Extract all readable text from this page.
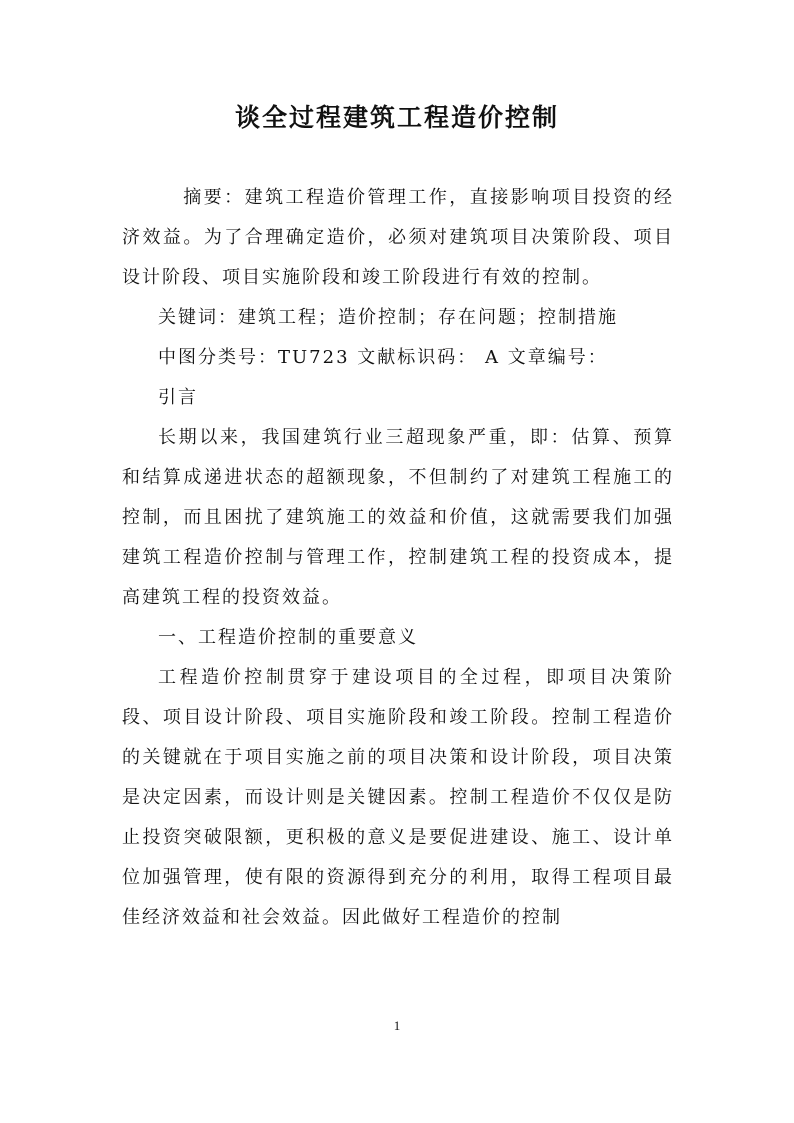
谈全过程建筑工程造价控制

摘要：建筑工程造价管理工作，直接影响项目投资的经济效益。为了合理确定造价，必须对建筑项目决策阶段、项目设计阶段、项目实施阶段和竣工阶段进行有效的控制。

关键词：建筑工程；造价控制；存在问题；控制措施

中图分类号：TU723 文献标识码： A 文章编号：

引言

长期以来，我国建筑行业三超现象严重，即：估算、预算和结算成递进状态的超额现象，不但制约了对建筑工程施工的控制，而且困扰了建筑施工的效益和价值，这就需要我们加强建筑工程造价控制与管理工作，控制建筑工程的投资成本，提高建筑工程的投资效益。

一、工程造价控制的重要意义

工程造价控制贯穿于建设项目的全过程，即项目决策阶段、项目设计阶段、项目实施阶段和竣工阶段。控制工程造价的关键就在于项目实施之前的项目决策和设计阶段，项目决策是决定因素，而设计则是关键因素。控制工程造价不仅仅是防止投资突破限额，更积极的意义是要促进建设、施工、设计单位加强管理，使有限的资源得到充分的利用，取得工程项目最佳经济效益和社会效益。因此做好工程造价的控制

1
